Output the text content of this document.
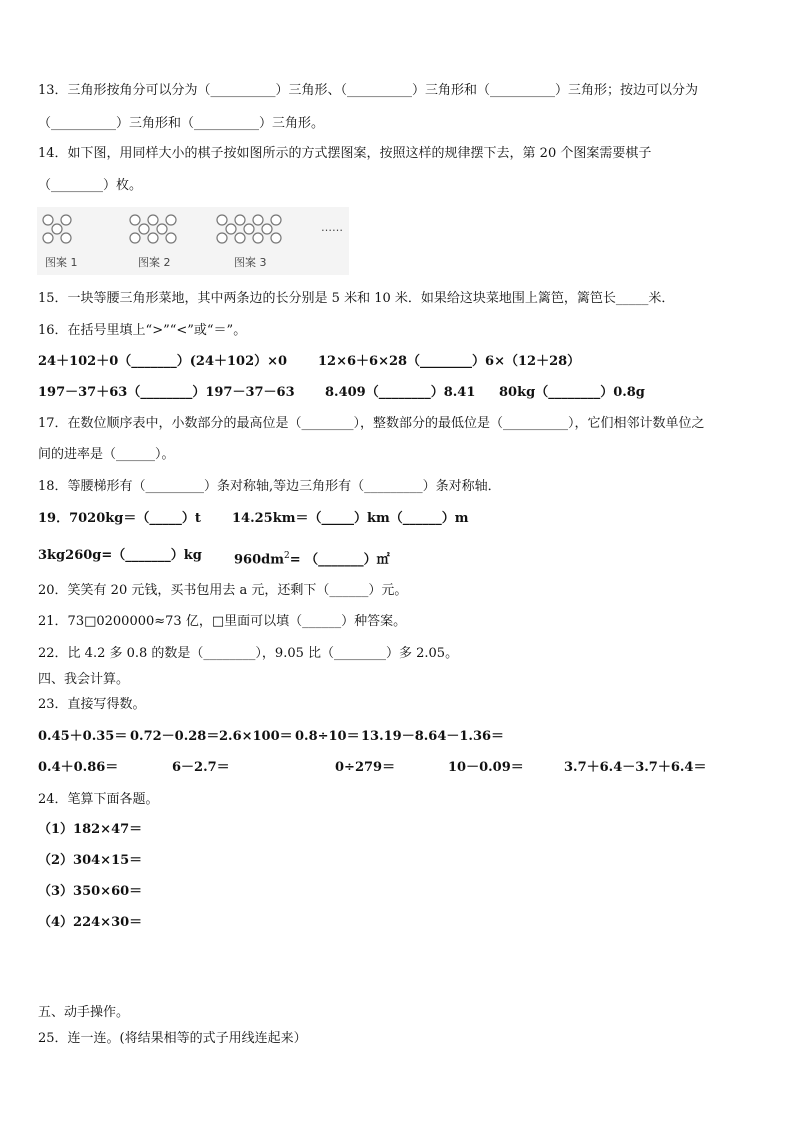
13．三角形按角分可以分为（__________）三角形、（__________）三角形和（__________）三角形；按边可以分为
（__________）三角形和（__________）三角形。
14．如下图，用同样大小的棋子按如图所示的方式摆图案，按照这样的规律摆下去，第 20 个图案需要棋子
（________）枚。
……
图案 1	图案 2	图案 3
15．一块等腰三角形菜地，其中两条边的长分别是 5 米和 10 米．如果给这块菜地围上篱笆，篱笆长_____米．
16．在括号里填上“>”“<”或“＝”。
24＋102＋0（_______）(24＋102）×0 12×6＋6×28（________）6×（12＋28）
197－37＋63（________）197－37－63 8.409（________）8.41 80kg（________）0.8g
17．在数位顺序表中，小数部分的最高位是（________），整数部分的最低位是（__________），它们相邻计数单位之
间的进率是（______）。
18．等腰梯形有（_________）条对称轴,等边三角形有（_________）条对称轴．
19．7020kg＝（_____）t 14.25km＝（_____）km（______）m
3kg260g=（_______）kg $960dm^2=$ （_______）㎡
20．笑笑有 20 元钱，买书包用去 a 元，还剩下（______）元。
21．73□0200000≈73 亿，□里面可以填（______）种答案。
22．比 4.2 多 0.8 的数是（________），9.05 比（________）多 2.05。
四、我会计算。
23．直接写得数。
0.45＋0.35＝ 0.72－0.28＝ 2.6×100＝ 0.8÷10＝ 13.19－8.64－1.36＝
0.4＋0.86＝	6－2.7＝	0÷279＝	10－0.09＝	3.7＋6.4－3.7＋6.4＝
24．笔算下面各题。
（1）182×47＝
（2）304×15＝
（3）350×60＝
（4）224×30＝
五、动手操作。
25．连一连。(将结果相等的式子用线连起来）
